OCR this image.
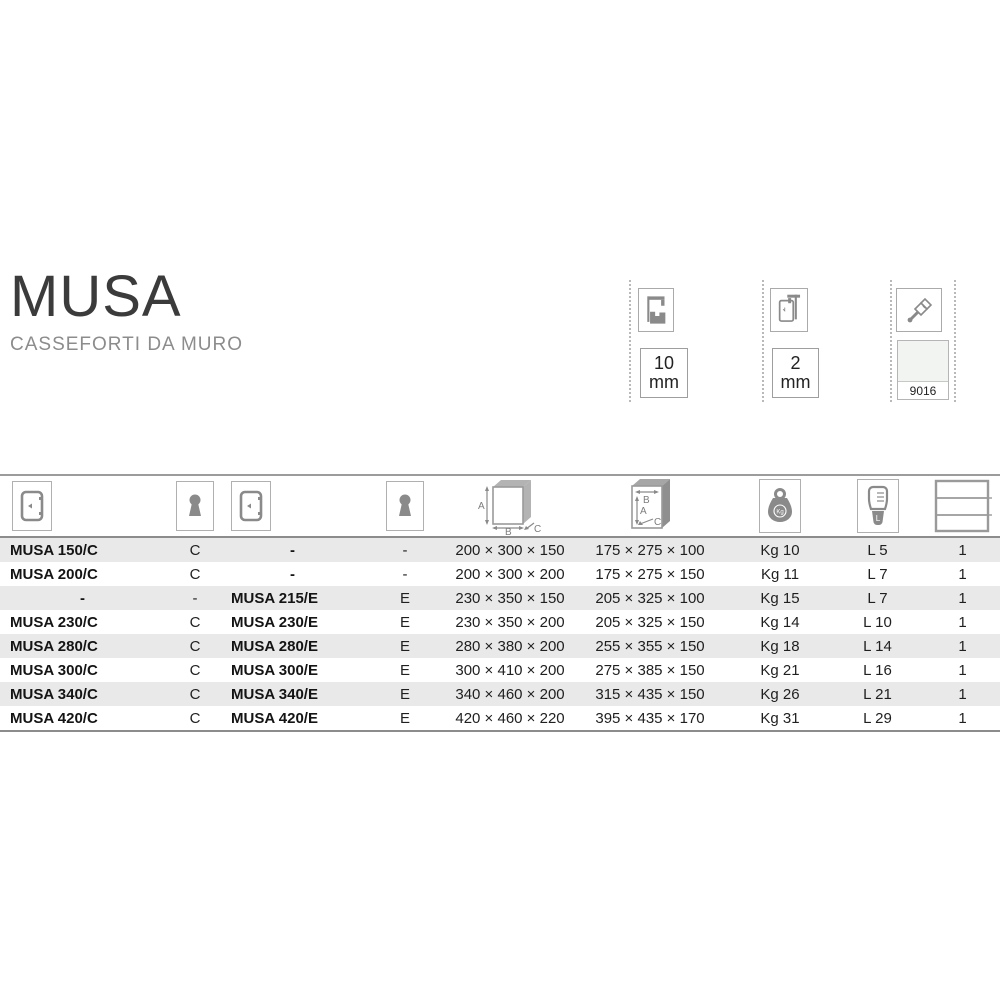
MUSA
CASSEFORTI DA MURO
10
mm
2
mm	9016
A
B C
B
A
C
Kg
L
MUSA 150/C	C	-	-	200 × 300 × 150	175 × 275 × 100	Kg 10	L 5	1
MUSA 200/C	C	-	-	200 × 300 × 200	175 × 275 × 150	Kg 11	L 7	1
-	-	MUSA 215/E	E	230 × 350 × 150	205 × 325 × 100	Kg 15	L 7	1
MUSA 230/C	C	MUSA 230/E	E	230 × 350 × 200	205 × 325 × 150	Kg 14	L 10	1
MUSA 280/C	C	MUSA 280/E	E	280 × 380 × 200	255 × 355 × 150	Kg 18	L 14	1
MUSA 300/C	C	MUSA 300/E	E	300 × 410 × 200	275 × 385 × 150	Kg 21	L 16	1
MUSA 340/C	C	MUSA 340/E	E	340 × 460 × 200	315 × 435 × 150	Kg 26	L 21	1
MUSA 420/C	C	MUSA 420/E	E	420 × 460 × 220	395 × 435 × 170	Kg 31	L 29	1
